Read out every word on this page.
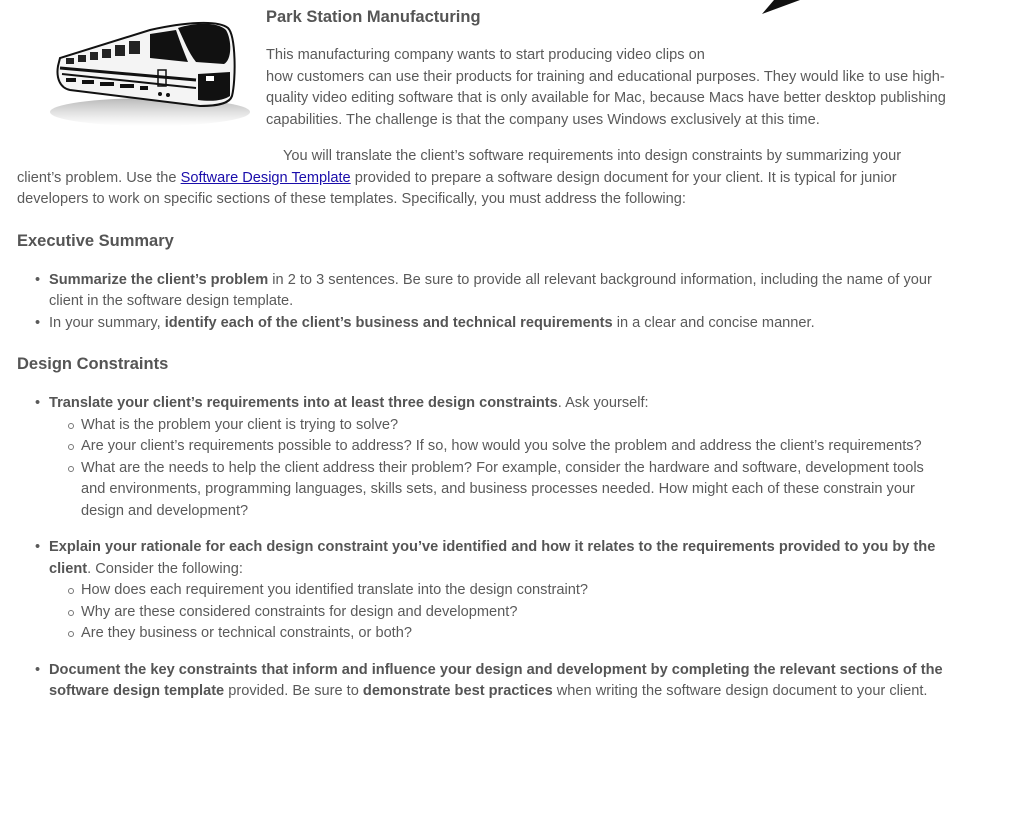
Park Station Manufacturing

This manufacturing company wants to start producing video clips on
how customers can use their products for training and educational purposes. They would like to use high-quality video editing software that is only available for Mac, because Macs have better desktop publishing capabilities. The challenge is that the company uses Windows exclusively at this time.

You will translate the client’s software requirements into design constraints by summarizing your client’s problem. Use the Software Design Template provided to prepare a software design document for your client. It is typical for junior developers to work on specific sections of these templates. Specifically, you must address the following:

Executive Summary
• Summarize the client’s problem in 2 to 3 sentences. Be sure to provide all relevant background information, including the name of your client in the software design template.
• In your summary, identify each of the client’s business and technical requirements in a clear and concise manner.
Design Constraints
• Translate your client’s requirements into at least three design constraints. Ask yourself:
What is the problem your client is trying to solve?
Are your client’s requirements possible to address? If so, how would you solve the problem and address the client’s requirements?
What are the needs to help the client address their problem? For example, consider the hardware and software, development tools and environments, programming languages, skills sets, and business processes needed. How might each of these constrain your design and development?
• Explain your rationale for each design constraint you’ve identified and how it relates to the requirements provided to you by the client. Consider the following:
How does each requirement you identified translate into the design constraint?
Why are these considered constraints for design and development?
Are they business or technical constraints, or both?
• Document the key constraints that inform and influence your design and development by completing the relevant sections of the software design template provided. Be sure to demonstrate best practices when writing the software design document to your client.
